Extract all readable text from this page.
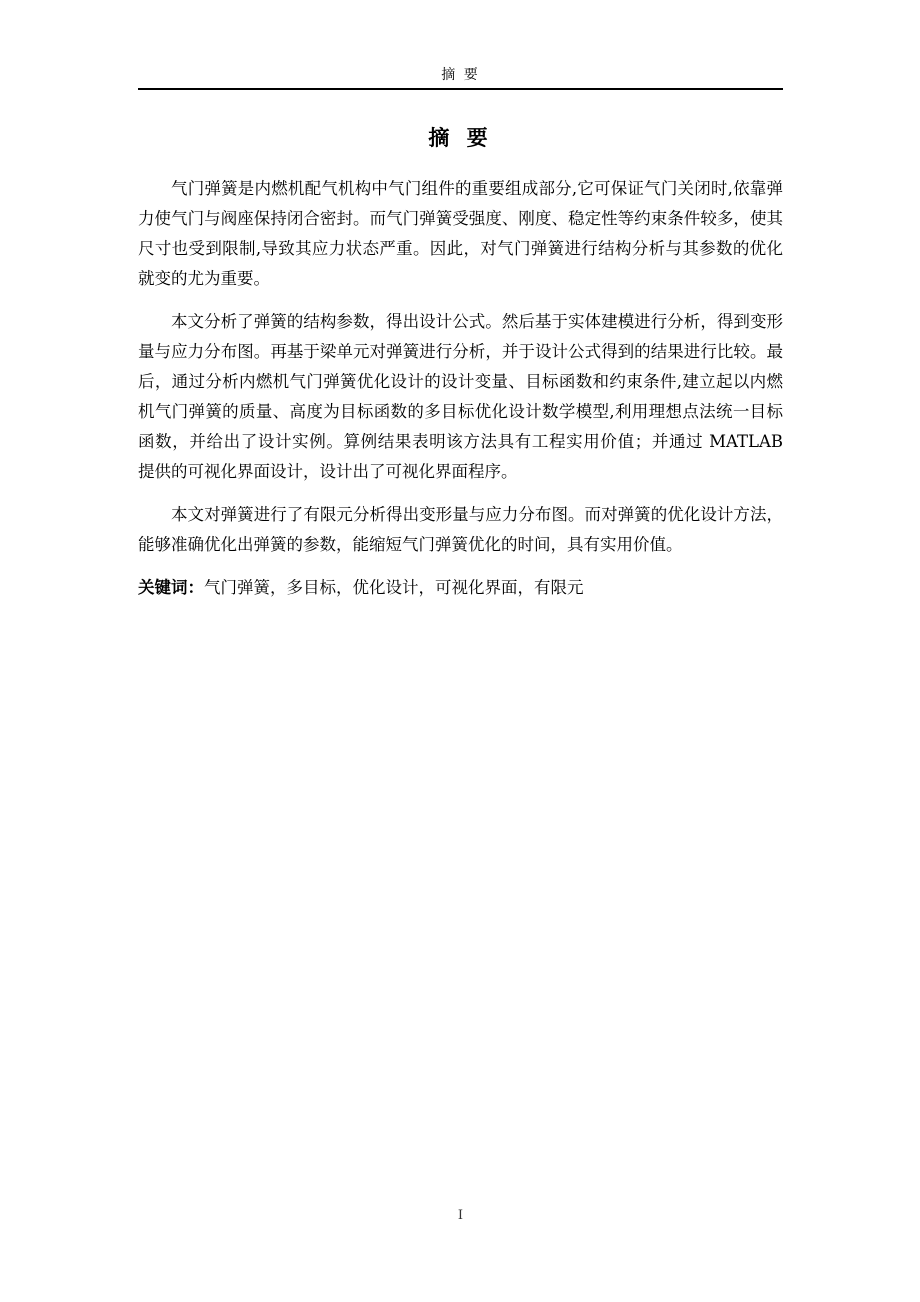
摘 要
摘 要

气门弹簧是内燃机配气机构中气门组件的重要组成部分,它可保证气门关闭时,依靠弹力使气门与阀座保持闭合密封。而气门弹簧受强度、刚度、稳定性等约束条件较多，使其尺寸也受到限制,导致其应力状态严重。因此，对气门弹簧进行结构分析与其参数的优化就变的尤为重要。

本文分析了弹簧的结构参数，得出设计公式。然后基于实体建模进行分析，得到变形量与应力分布图。再基于梁单元对弹簧进行分析，并于设计公式得到的结果进行比较。最后，通过分析内燃机气门弹簧优化设计的设计变量、目标函数和约束条件,建立起以内燃机气门弹簧的质量、高度为目标函数的多目标优化设计数学模型,利用理想点法统一目标函数，并给出了设计实例。算例结果表明该方法具有工程实用价值；并通过 MATLAB 提供的可视化界面设计，设计出了可视化界面程序。

本文对弹簧进行了有限元分析得出变形量与应力分布图。而对弹簧的优化设计方法，能够准确优化出弹簧的参数，能缩短气门弹簧优化的时间，具有实用价值。

关键词：气门弹簧，多目标，优化设计，可视化界面，有限元

I
